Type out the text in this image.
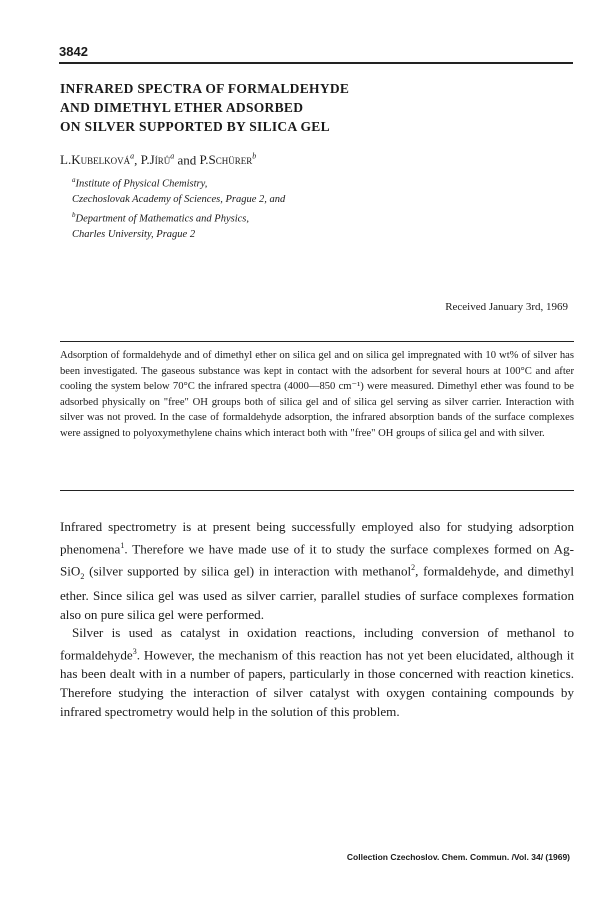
3842
INFRARED SPECTRA OF FORMALDEHYDE
AND DIMETHYL ETHER ADSORBED
ON SILVER SUPPORTED BY SILICA GEL
L.Kubelková$^a$, P.Jírů$^a$ and P.Schürer$^b$
$^a$Institute of Physical Chemistry,
Czechoslovak Academy of Sciences, Prague 2, and
$^b$Department of Mathematics and Physics,
Charles University, Prague 2
Received January 3rd, 1969

Adsorption of formaldehyde and of dimethyl ether on silica gel and on silica gel impregnated with 10 wt% of silver has been investigated. The gaseous substance was kept in contact with the adsorbent for several hours at 100°C and after cooling the system below 70°C the infrared spectra (4000—850 cm⁻¹) were measured. Dimethyl ether was found to be adsorbed physically on "free" OH groups both of silica gel and of silica gel serving as silver carrier. Interaction with silver was not proved. In the case of formaldehyde adsorption, the infrared absorption bands of the surface complexes were assigned to polyoxymethylene chains which interact both with "free" OH groups of silica gel and with silver.

Infrared spectrometry is at present being successfully employed also for studying adsorption phenomena$^1$. Therefore we have made use of it to study the surface complexes formed on Ag-SiO$_2$ (silver supported by silica gel) in interaction with methanol$^2$, formaldehyde, and dimethyl ether. Since silica gel was used as silver carrier, parallel studies of surface complexes formation also on pure silica gel were performed.

Silver is used as catalyst in oxidation reactions, including conversion of methanol to formaldehyde$^3$. However, the mechanism of this reaction has not yet been elucidated, although it has been dealt with in a number of papers, particularly in those concerned with reaction kinetics. Therefore studying the interaction of silver catalyst with oxygen containing compounds by infrared spectrometry would help in the solution of this problem.

Collection Czechoslov. Chem. Commun. /Vol. 34/ (1969)
